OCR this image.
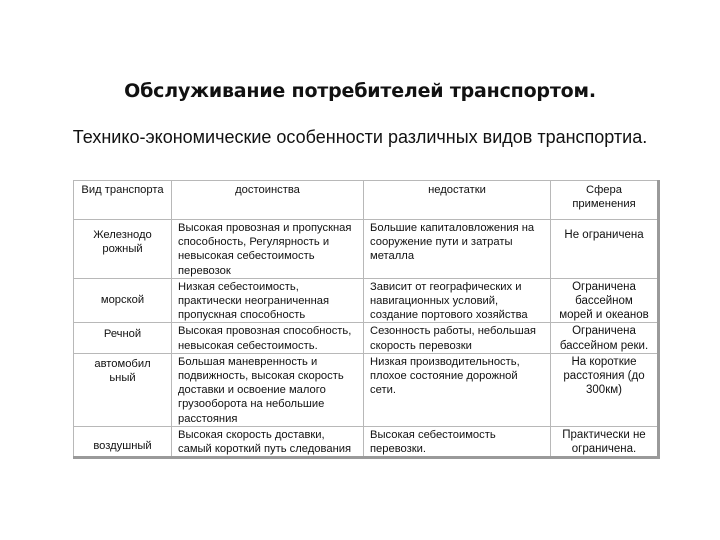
Обслуживание потребителей транспортом.
Технико-экономические особенности различных видов транспортиа.
Вид транспорта	достоинства	недостатки	Сфера применения
Железнодо рожный	Высокая провозная и пропускная способность, Регулярность и невысокая себестоимость перевозок	Большие капиталовложения на сооружение пути и затраты металла	Не ограничена
морской	Низкая себестоимость, практически неограниченная пропускная способность	Зависит от географических и навигационных условий, создание портового хозяйства	Ограничена бассейном морей и океанов
Речной	Высокая провозная способность, невысокая себестоимость.	Сезонность работы, небольшая скорость перевозки	Ограничена бассейном реки.
автомобил ьный	Большая маневренность и подвижность, высокая скорость доставки и освоение малого грузооборота на небольшие расстояния	Низкая производительность, плохое состояние дорожной сети.	На короткие расстояния (до 300км)
воздушный	Высокая скорость доставки, самый короткий путь следования	Высокая себестоимость перевозки.	Практически не ограничена.
